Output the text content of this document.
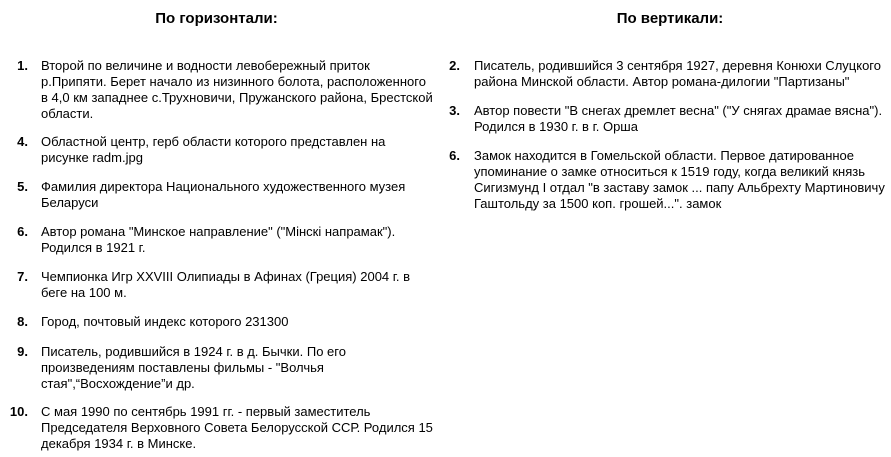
По горизонтали:
1. Второй по величине и водности левобережный приток р.Припяти. Берет начало из низинного болота, расположенного в 4,0 км западнее с.Трухновичи, Пружанского района, Брестской области.
4. Областной центр, герб области которого представлен на рисунке radm.jpg
5. Фамилия директора Национального художественного музея Беларуси
6. Автор романа "Минское направление" ("Мінскі напрамак"). Родился в 1921 г.
7. Чемпионка Игр XXVIII Олипиады в Афинах (Греция) 2004 г. в беге на 100 м.
8. Город, почтовый индекс которого 231300
9. Писатель, родившийся в 1924 г. в д. Бычки. По его произведениям поставлены фильмы - "Волчья стая",“Восхождение”и др.
10. С мая 1990 по сентябрь 1991 гг. - первый заместитель Председателя Верховного Совета Белорусской ССР. Родился 15 декабря 1934 г. в Минске.
По вертикали:
2. Писатель, родившийся 3 сентября 1927, деревня Конюхи Слуцкого района Минской области. Автор романа-дилогии "Партизаны"
3. Автор повести "В снегах дремлет весна" ("У снягах драмае вясна"). Родился в 1930 г. в г. Орша
6. Замок находится в Гомельской области. Первое датированное упоминание о замке относиться к 1519 году, когда великий князь Сигизмунд I отдал "в заставу замок ... папу Альбрехту Мартиновичу Гаштольду за 1500 коп. грошей...". замок
